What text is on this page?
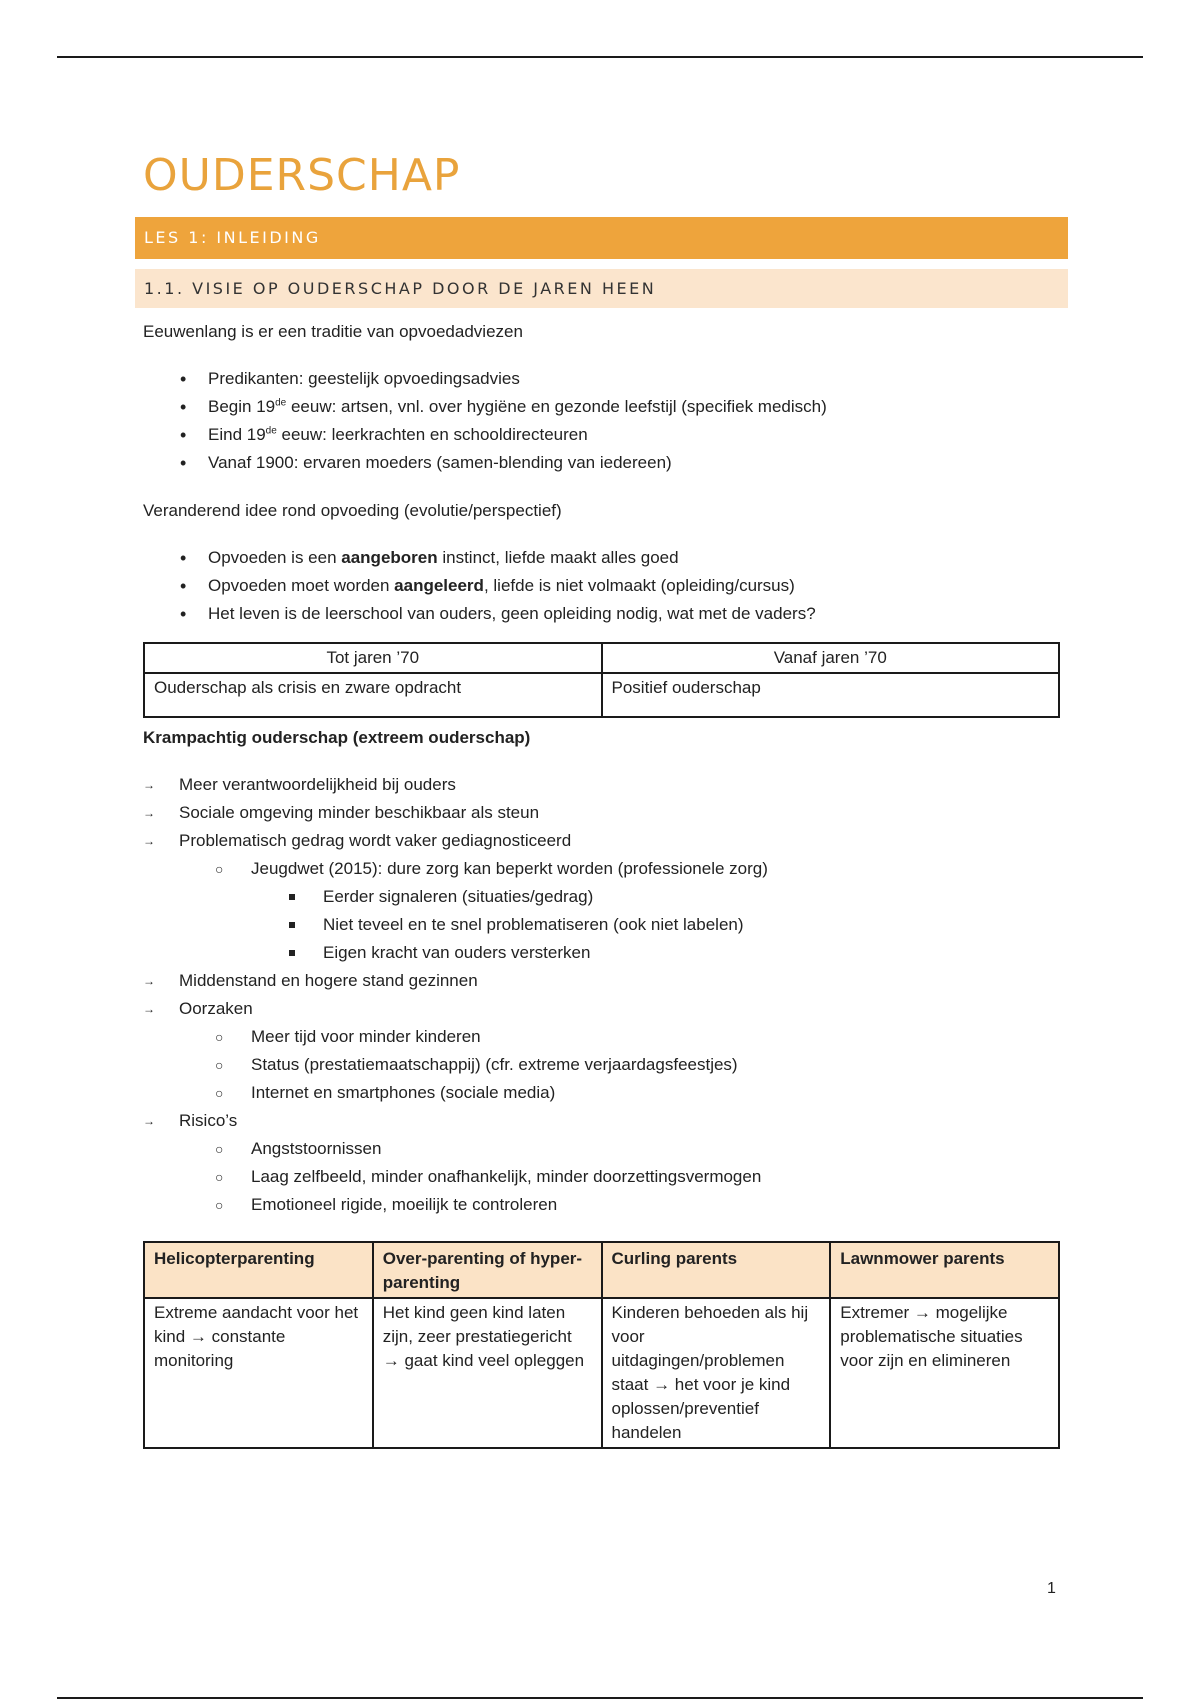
OUDERSCHAP
LES 1: INLEIDING
1.1. VISIE OP OUDERSCHAP DOOR DE JAREN HEEN

Eeuwenlang is er een traditie van opvoedadviezen

• Predikanten: geestelijk opvoedingsadvies
• Begin 19de eeuw: artsen, vnl. over hygiëne en gezonde leefstijl (specifiek medisch)
• Eind 19de eeuw: leerkrachten en schooldirecteuren
• Vanaf 1900: ervaren moeders (samen-blending van iedereen)

Veranderend idee rond opvoeding (evolutie/perspectief)

• Opvoeden is een aangeboren instinct, liefde maakt alles goed
• Opvoeden moet worden aangeleerd, liefde is niet volmaakt (opleiding/cursus)
• Het leven is de leerschool van ouders, geen opleiding nodig, wat met de vaders?
Tot jaren ’70	Vanaf jaren ’70
Ouderschap als crisis en zware opdracht	Positief ouderschap

Krampachtig ouderschap (extreem ouderschap)

→ Meer verantwoordelijkheid bij ouders
→ Sociale omgeving minder beschikbaar als steun
→ Problematisch gedrag wordt vaker gediagnosticeerd
○ Jeugdwet (2015): dure zorg kan beperkt worden (professionele zorg)
Eerder signaleren (situaties/gedrag)
Niet teveel en te snel problematiseren (ook niet labelen)
Eigen kracht van ouders versterken
→ Middenstand en hogere stand gezinnen
→ Oorzaken
○ Meer tijd voor minder kinderen
○ Status (prestatiemaatschappij) (cfr. extreme verjaardagsfeestjes)
○ Internet en smartphones (sociale media)
→ Risico’s
○ Angststoornissen
○ Laag zelfbeeld, minder onafhankelijk, minder doorzettingsvermogen
○ Emotioneel rigide, moeilijk te controleren
Helicopterparenting	Over-parenting of hyper-parenting	Curling parents	Lawnmower parents
Extreme aandacht voor het kind → constante monitoring	Het kind geen kind laten zijn, zeer prestatiegericht → gaat kind veel opleggen	Kinderen behoeden als hij voor uitdagingen/problemen staat → het voor je kind oplossen/preventief handelen	Extremer → mogelijke problematische situaties voor zijn en elimineren
1
